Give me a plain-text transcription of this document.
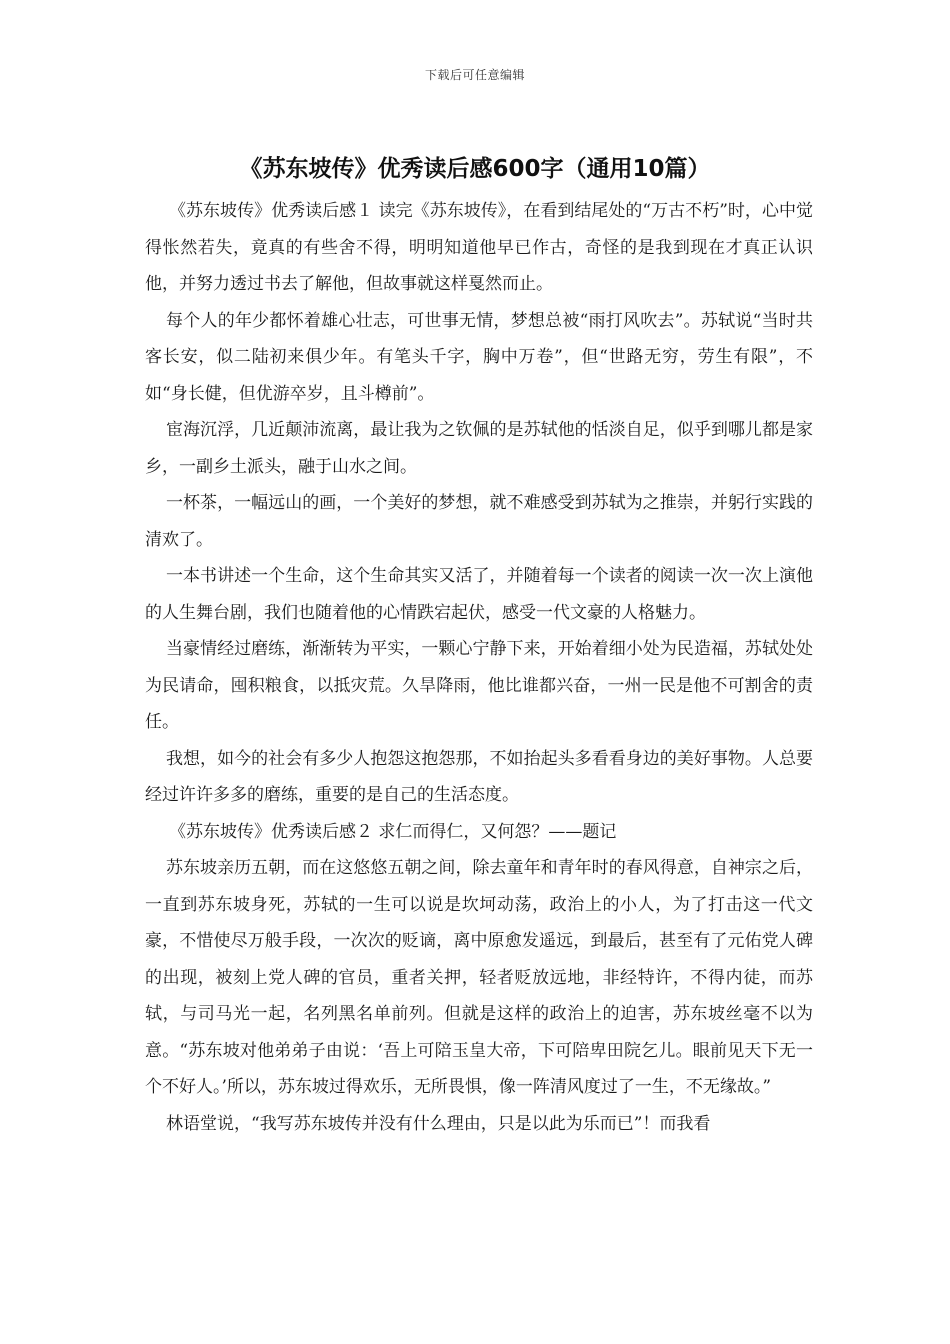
下载后可任意编辑
《苏东坡传》优秀读后感600字（通用10篇）

《苏东坡传》优秀读后感１ 读完《苏东坡传》，在看到结尾处的“万古不朽”时，心中觉得怅然若失，竟真的有些舍不得，明明知道他早已作古，奇怪的是我到现在才真正认识他，并努力透过书去了解他，但故事就这样戛然而止。

每个人的年少都怀着雄心壮志，可世事无情，梦想总被“雨打风吹去”。苏轼说“当时共客长安，似二陆初来俱少年。有笔头千字，胸中万卷”，但“世路无穷，劳生有限”，不如“身长健，但优游卒岁，且斗樽前”。

宦海沉浮，几近颠沛流离，最让我为之钦佩的是苏轼他的恬淡自足，似乎到哪儿都是家乡，一副乡土派头，融于山水之间。

一杯茶，一幅远山的画，一个美好的梦想，就不难感受到苏轼为之推崇，并躬行实践的清欢了。

一本书讲述一个生命，这个生命其实又活了，并随着每一个读者的阅读一次一次上演他的人生舞台剧，我们也随着他的心情跌宕起伏，感受一代文豪的人格魅力。

当豪情经过磨练，渐渐转为平实，一颗心宁静下来，开始着细小处为民造福，苏轼处处为民请命，囤积粮食，以抵灾荒。久旱降雨，他比谁都兴奋，一州一民是他不可割舍的责任。

我想，如今的社会有多少人抱怨这抱怨那，不如抬起头多看看身边的美好事物。人总要经过许许多多的磨练，重要的是自己的生活态度。

《苏东坡传》优秀读后感２ 求仁而得仁，又何怨？——题记

苏东坡亲历五朝，而在这悠悠五朝之间，除去童年和青年时的春风得意，自神宗之后，一直到苏东坡身死，苏轼的一生可以说是坎坷动荡，政治上的小人，为了打击这一代文豪，不惜使尽万般手段，一次次的贬谪，离中原愈发遥远，到最后，甚至有了元佑党人碑的出现，被刻上党人碑的官员，重者关押，轻者贬放远地，非经特许，不得内徒，而苏轼，与司马光一起，名列黑名单前列。但就是这样的政治上的迫害，苏东坡丝毫不以为意。“苏东坡对他弟弟子由说：‘吾上可陪玉皇大帝，下可陪卑田院乞儿。眼前见天下无一个不好人。’所以，苏东坡过得欢乐，无所畏惧，像一阵清风度过了一生，不无缘故。”

林语堂说，“我写苏东坡传并没有什么理由，只是以此为乐而已”！而我看
